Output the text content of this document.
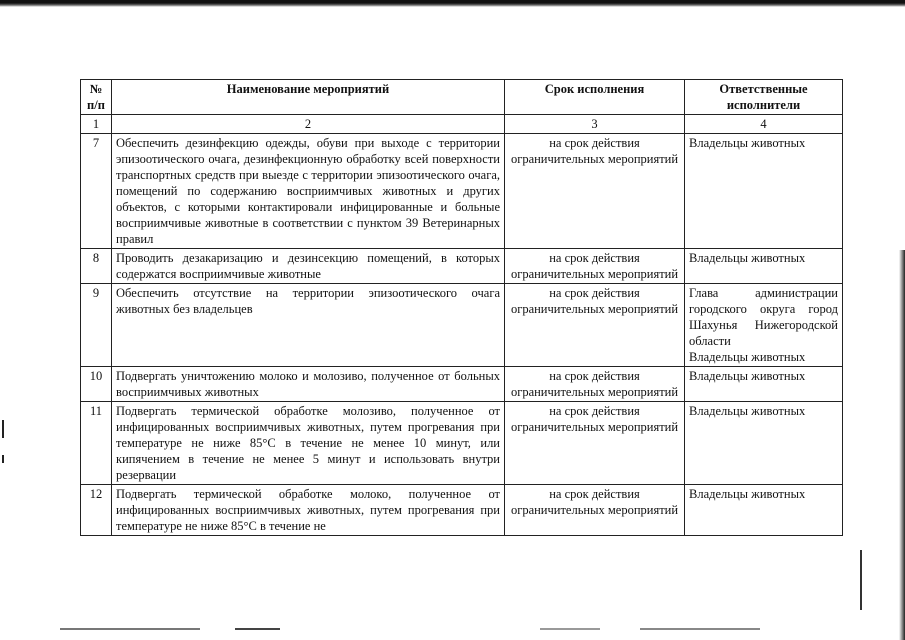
№ п/п	Наименование мероприятий	Срок исполнения	Ответственные исполнители
1	2	3	4
7	Обеспечить дезинфекцию одежды, обуви при выходе с территории эпизоотического очага, дезинфекционную обработку всей поверхности транспортных средств при выезде с территории эпизоотического очага, помещений по содержанию восприимчивых животных и других объектов, с которыми контактировали инфицированные и больные восприимчивые животные в соответствии с пунктом 39 Ветеринарных правил	на срок действия ограничительных мероприятий	Владельцы животных

8	Проводить дезакаризацию и дезинсекцию помещений, в которых содержатся восприимчивые животные	на срок действия ограничительных мероприятий	Владельцы животных

9	Обеспечить отсутствие на территории эпизоотического очага животных без владельцев	на срок действия ограничительных мероприятий	Глава администрации городского округа город Шахунья Нижегородской области
Владельцы животных

10	Подвергать уничтожению молоко и молозиво, полученное от больных восприимчивых животных	на срок действия ограничительных мероприятий	Владельцы животных

11	Подвергать термической обработке молозиво, полученное от инфицированных восприимчивых животных, путем прогревания при температуре не ниже 85°С в течение не менее 10 минут, или кипячением в течение не менее 5 минут и использовать внутри резервации	на срок действия ограничительных мероприятий	Владельцы животных

12	Подвергать термической обработке молоко, полученное от инфицированных восприимчивых животных, путем прогревания при температуре не ниже 85°С в течение не	на срок действия ограничительных мероприятий	Владельцы животных
